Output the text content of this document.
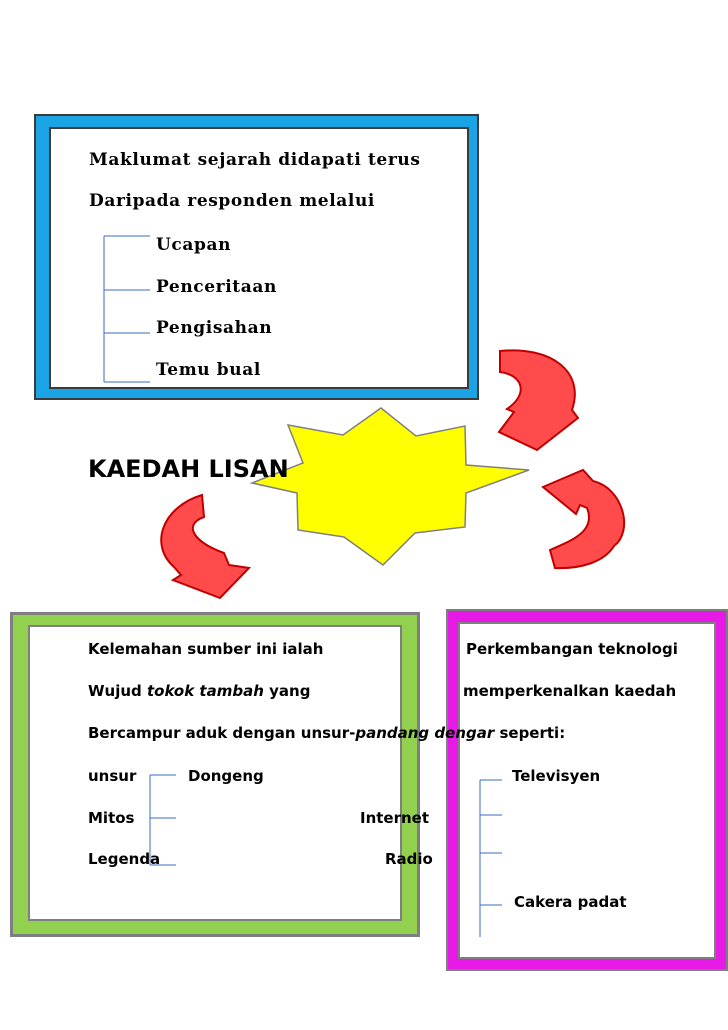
Maklumat sejarah didapati terus
Daripada responden melalui
Ucapan
Penceritaan
Pengisahan
Temu bual
KAEDAH LISAN
Kelemahan sumber ini ialah
Wujud tokok tambah yang
Bercampur aduk dengan unsur-pandang dengar seperti:
unsur	Dongeng
Mitos
Legenda
Perkembangan teknologi
memperkenalkan kaedah
Televisyen
Internet
Radio
Cakera padat
